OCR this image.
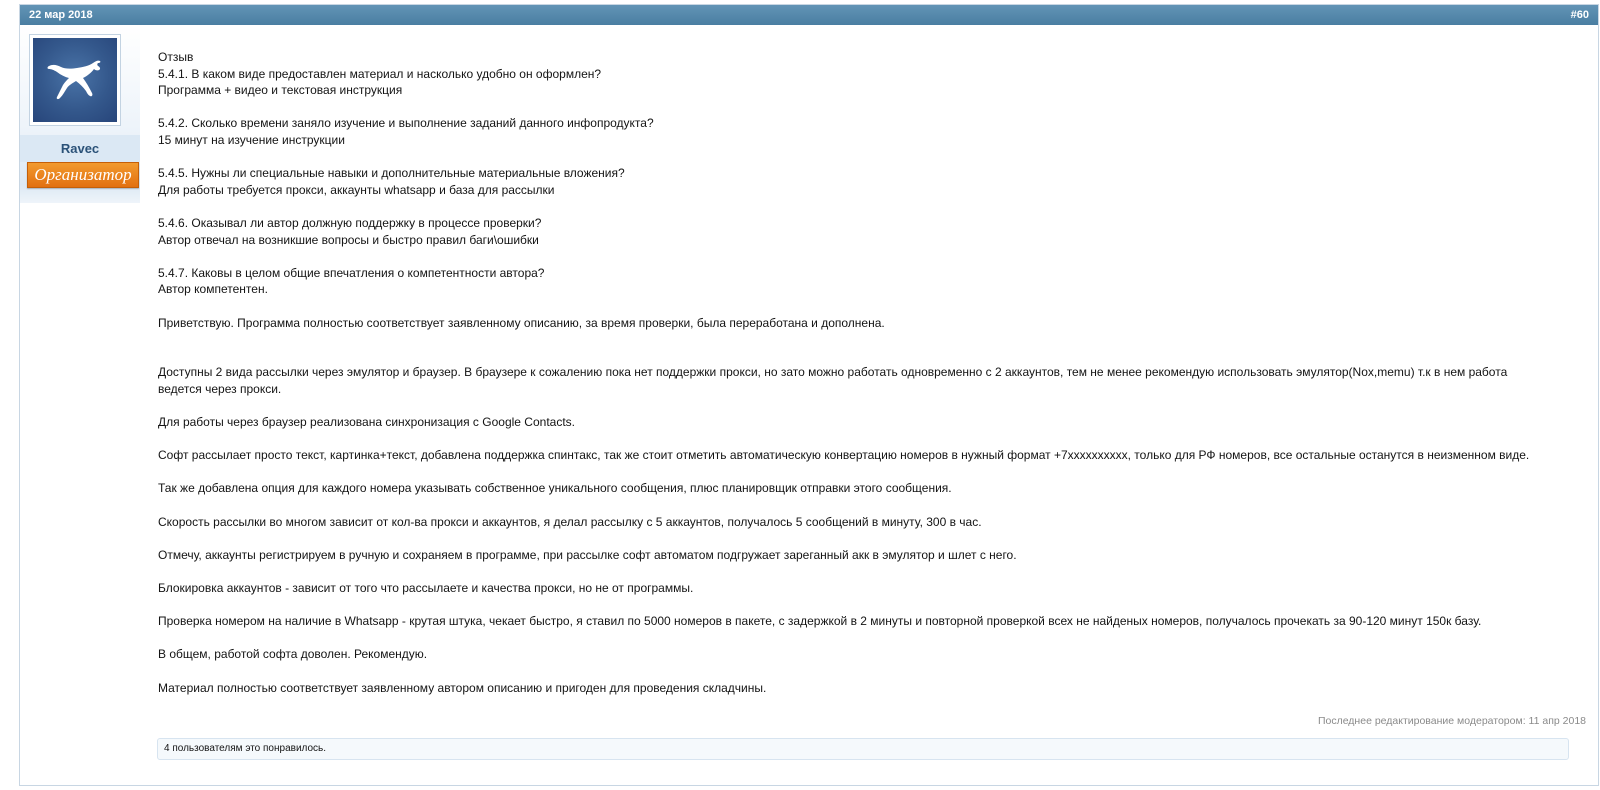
22 мар 2018	#60
Ravec
Организатор

Отзыв

5.4.1. В каком виде предоставлен материал и насколько удобно он оформлен?

Программа + видео и текстовая инструкция

5.4.2. Сколько времени заняло изучение и выполнение заданий данного инфопродукта?

15 минут на изучение инструкции

5.4.5. Нужны ли специальные навыки и дополнительные материальные вложения?

Для работы требуется прокси, аккаунты whatsapp и база для рассылки

5.4.6. Оказывал ли автор должную поддержку в процессе проверки?

Автор отвечал на возникшие вопросы и быстро правил баги\ошибки

5.4.7. Каковы в целом общие впечатления о компетентности автора?

Автор компетентен.

Приветствую. Программа полностью соответствует заявленному описанию, за время проверки, была переработана и дополнена.

Доступны 2 вида рассылки через эмулятор и браузер. В браузере к сожалению пока нет поддержки прокси, но зато можно работать одновременно с 2 аккаунтов, тем не менее рекомендую использовать эмулятор(Nox,memu) т.к в нем работа

ведется через прокси.

Для работы через браузер реализована синхронизация с Google Contacts.

Софт рассылает просто текст, картинка+текст, добавлена поддержка спинтакс, так же стоит отметить автоматическую конвертацию номеров в нужный формат +7xxxxxxxxxx, только для РФ номеров, все остальные останутся в неизменном виде.

Так же добавлена опция для каждого номера указывать собственное уникального сообщения, плюс планировщик отправки этого сообщения.

Скорость рассылки во многом зависит от кол-ва прокси и аккаунтов, я делал рассылку с 5 аккаунтов, получалось 5 сообщений в минуту, 300 в час.

Отмечу, аккаунты регистрируем в ручную и сохраняем в программе, при рассылке софт автоматом подгружает зареганный акк в эмулятор и шлет с него.

Блокировка аккаунтов - зависит от того что рассылаете и качества прокси, но не от программы.

Проверка номером на наличие в Whatsapp - крутая штука, чекает быстро, я ставил по 5000 номеров в пакете, с задержкой в 2 минуты и повторной проверкой всех не найденых номеров, получалось прочекать за 90-120 минут 150к базу.

В общем, работой софта доволен. Рекомендую.

Материал полностью соответствует заявленному автором описанию и пригоден для проведения складчины.

Последнее редактирование модератором: 11 апр 2018
4 пользователям это понравилось.
